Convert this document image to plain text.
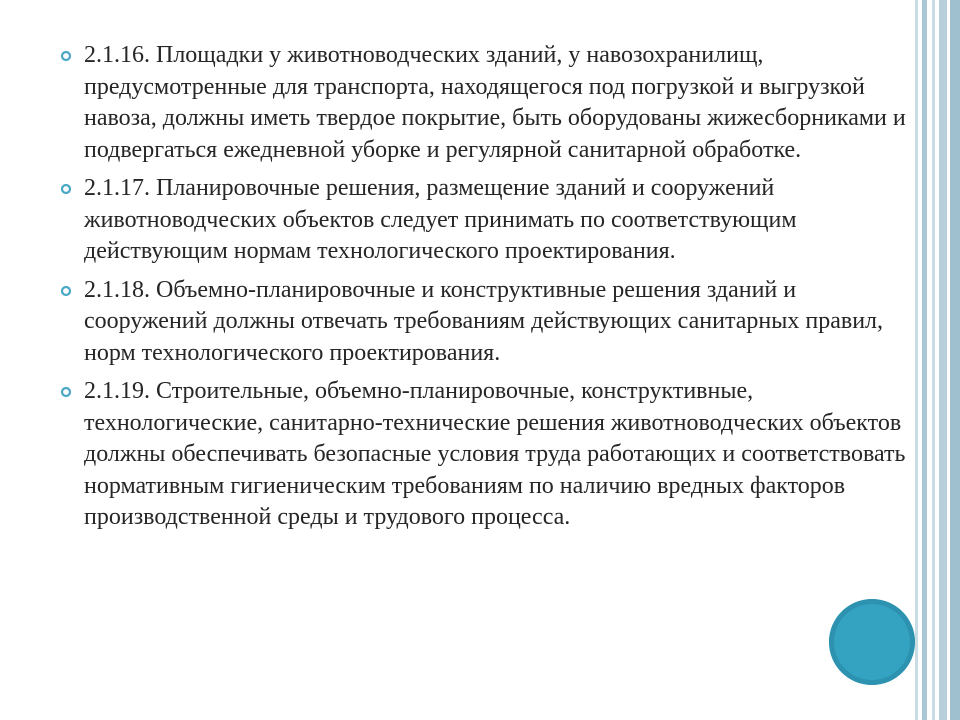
2.1.16. Площадки у животноводческих зданий, у навозохранилищ, предусмотренные для транспорта, находящегося под погрузкой и выгрузкой навоза, должны иметь твердое покрытие, быть оборудованы жижесборниками и подвергаться ежедневной уборке и регулярной санитарной обработке.
2.1.17. Планировочные решения, размещение зданий и сооружений животноводческих объектов следует принимать по соответствующим действующим нормам технологического проектирования.
2.1.18. Объемно-планировочные и конструктивные решения зданий и сооружений должны отвечать требованиям действующих санитарных правил, норм технологического проектирования.
2.1.19. Строительные, объемно-планировочные, конструктивные, технологические, санитарно-технические решения животноводческих объектов должны обеспечивать безопасные условия труда работающих и соответствовать нормативным гигиеническим требованиям по наличию вредных факторов производственной среды и трудового процесса.
